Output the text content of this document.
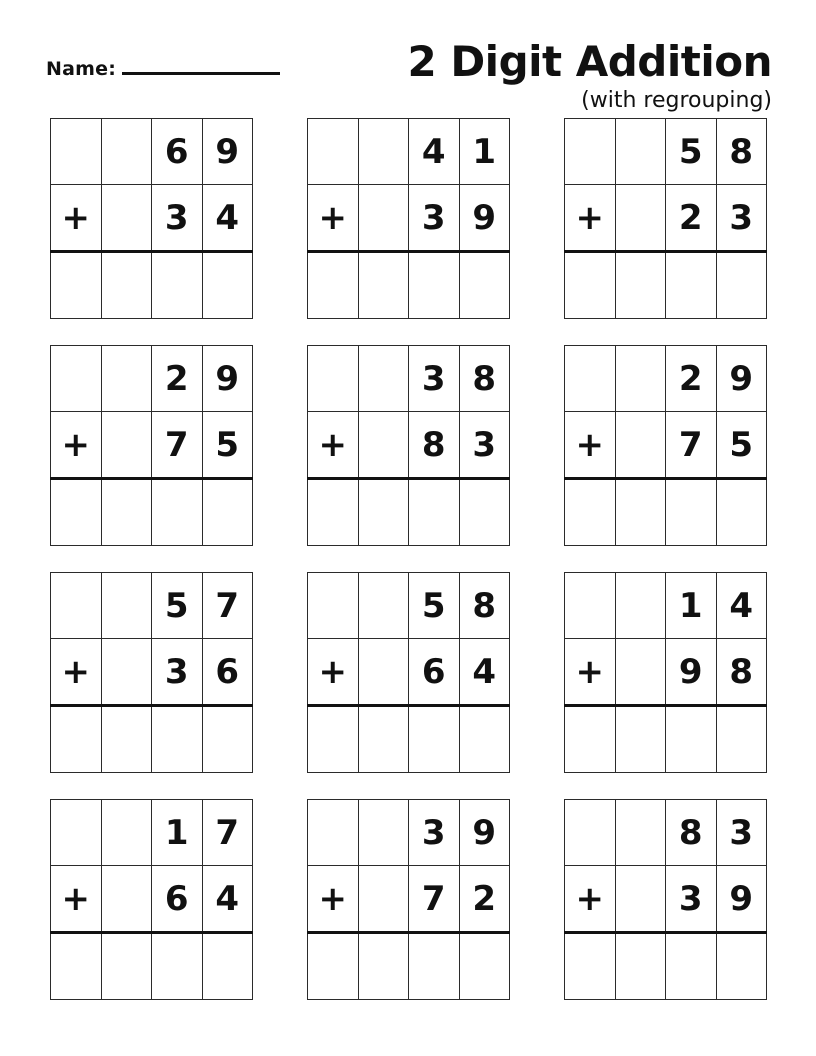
Name:	2 Digit Addition
(with regrouping)
		6	9
+		3	4

		4	1
+		3	9

		5	8
+		2	3

		2	9
+		7	5

		3	8
+		8	3

		2	9
+		7	5

		5	7
+		3	6

		5	8
+		6	4

		1	4
+		9	8

		1	7
+		6	4

		3	9
+		7	2

		8	3
+		3	9
